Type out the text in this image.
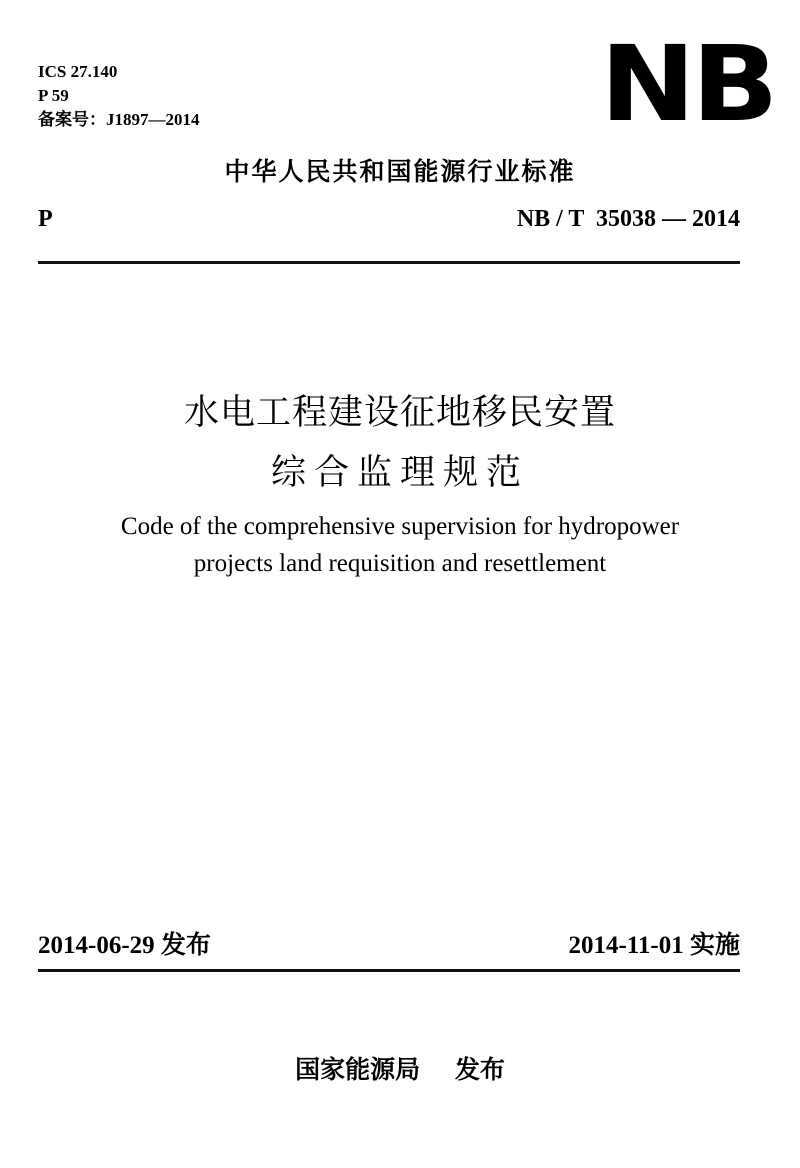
ICS 27.140
P 59
备案号：J1897—2014	NB
中华人民共和国能源行业标准
P	NB / T  35038 — 2014
水电工程建设征地移民安置
综合监理规范
Code of the comprehensive supervision for hydropower
projects land requisition and resettlement
2014-06-29 发布	2014-11-01 实施
国家能源局 发布
